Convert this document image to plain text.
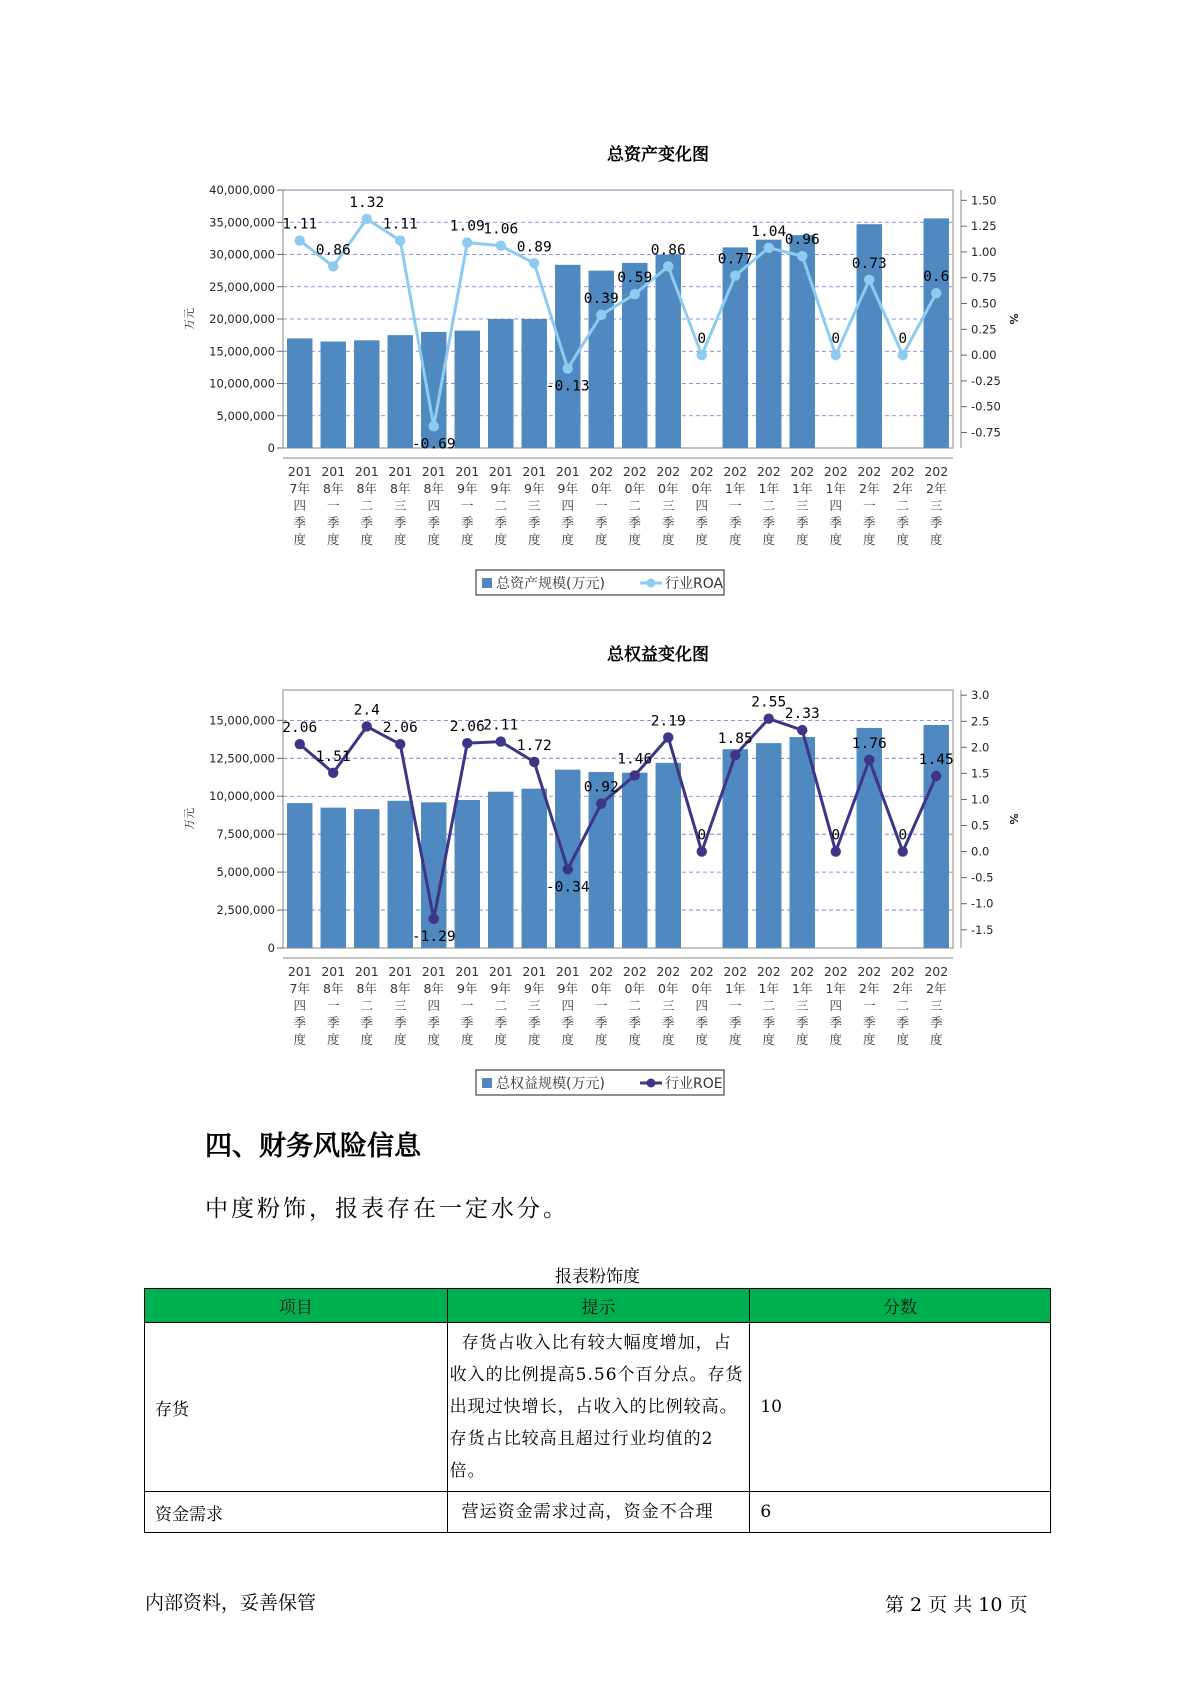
总资产变化图
0
5,000,000
10,000,000
15,000,000
20,000,000
25,000,000
30,000,000
35,000,000
40,000,000
-0.75
-0.50
-0.25
0.00
0.25
0.50
0.75
1.00
1.25
1.50
万元	%
201 7年四季度
201 8年一季度
201 8年二季度
201 8年三季度
201 8年四季度
201 9年一季度
201 9年二季度
201 9年三季度
201 9年四季度
202 0年一季度
202 0年二季度
202 0年三季度
202 0年四季度
202 1年一季度
202 1年二季度
202 1年三季度
202 1年四季度
202 2年一季度
202 2年二季度
202 2年三季度
1.11
0.86
1.32
1.11
-0.69
1.09
1.06
0.89
-0.13
0.39
0.59
0.86
0
0.77
1.04
0.96
0
0.73
0
0.6
总资产规模(万元)	行业ROA
总权益变化图
0
2,500,000
5,000,000
7,500,000
10,000,000
12,500,000
15,000,000
-1.5
-1.0
-0.5
0.0
0.5
1.0
1.5
2.0
2.5
3.0
万元	%
201 7年四季度
201 8年一季度
201 8年二季度
201 8年三季度
201 8年四季度
201 9年一季度
201 9年二季度
201 9年三季度
201 9年四季度
202 0年一季度
202 0年二季度
202 0年三季度
202 0年四季度
202 1年一季度
202 1年二季度
202 1年三季度
202 1年四季度
202 2年一季度
202 2年二季度
202 2年三季度
2.06
1.51
2.4
2.06
-1.29
2.06
2.11
1.72
-0.34
0.92
1.46
2.19
0
1.85
2.55
2.33
0
1.76
0
1.45
总权益规模(万元)	行业ROE
四、财务风险信息

中度粉饰，报表存在一定水分。

报表粉饰度
项目	提示	分数
存货	存货占收入比有较大幅度增加，占收入的比例提高5.56个百分点。存货出现过快增长，占收入的比例较高。存货占比较高且超过行业均值的2倍。	10
资金需求	营运资金需求过高，资金不合理	6
内部资料，妥善保管	第 2 页 共 10 页
